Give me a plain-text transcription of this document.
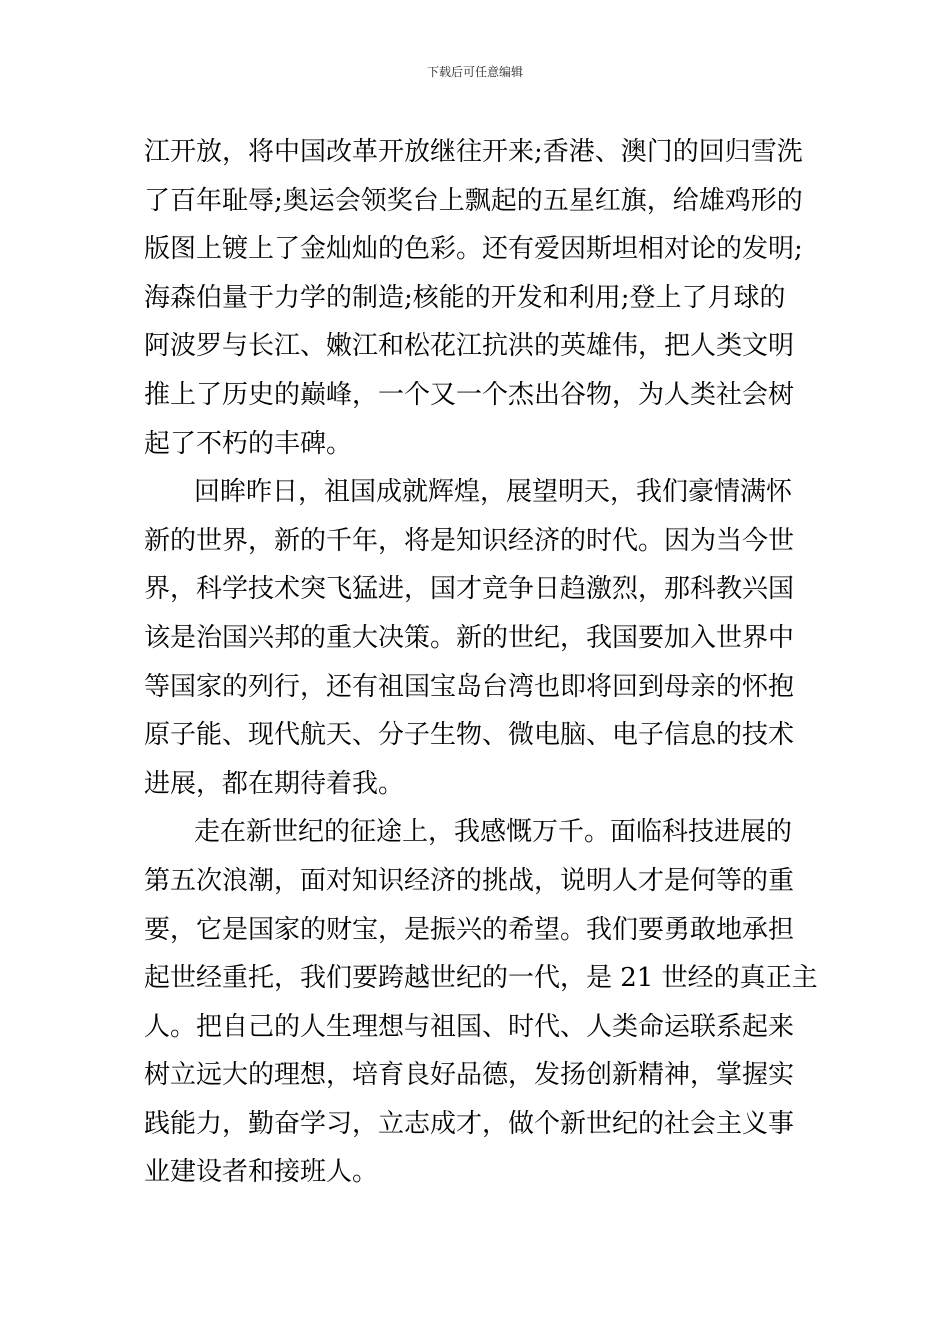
下载后可任意编辑
江开放，将中国改革开放继往开来;香港、澳门的回归雪洗
了百年耻辱;奥运会领奖台上飘起的五星红旗，给雄鸡形的
版图上镀上了金灿灿的色彩。还有爱因斯坦相对论的发明;
海森伯量于力学的制造;核能的开发和利用;登上了月球的
阿波罗与长江、嫩江和松花江抗洪的英雄伟，把人类文明
推上了历史的巅峰，一个又一个杰出谷物，为人类社会树
起了不朽的丰碑。
回眸昨日，祖国成就辉煌，展望明天，我们豪情满怀
新的世界，新的千年，将是知识经济的时代。因为当今世
界，科学技术突飞猛进，国才竞争日趋激烈，那科教兴国
该是治国兴邦的重大决策。新的世纪，我国要加入世界中
等国家的列行，还有祖国宝岛台湾也即将回到母亲的怀抱
原子能、现代航天、分子生物、微电脑、电子信息的技术
进展，都在期待着我。
走在新世纪的征途上，我感慨万千。面临科技进展的
第五次浪潮，面对知识经济的挑战，说明人才是何等的重
要，它是国家的财宝，是振兴的希望。我们要勇敢地承担
起世经重托，我们要跨越世纪的一代，是 21 世经的真正主
人。把自己的人生理想与祖国、时代、人类命运联系起来
树立远大的理想，培育良好品德，发扬创新精神，掌握实
践能力，勤奋学习，立志成才，做个新世纪的社会主义事
业建设者和接班人。
